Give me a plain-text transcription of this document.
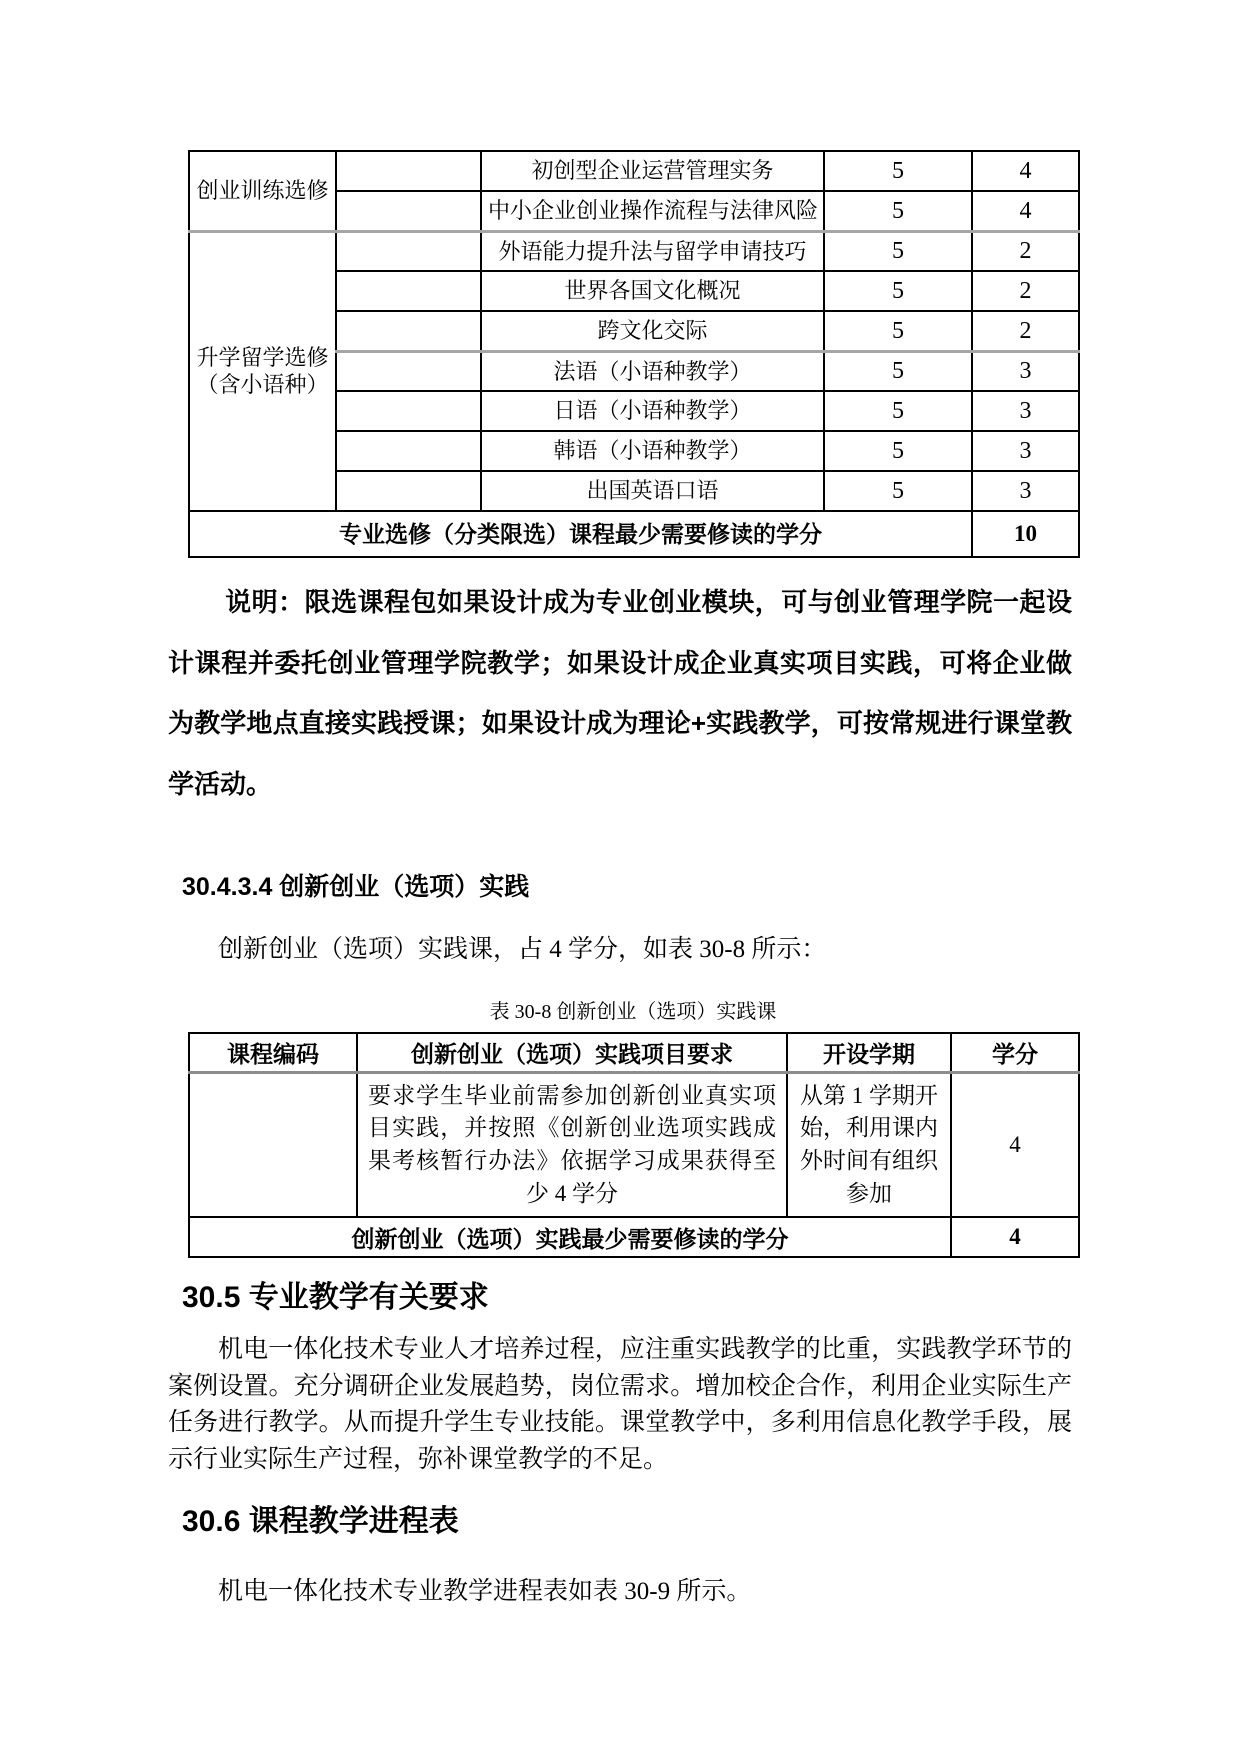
创业训练选修		初创型企业运营管理实务	5	4
		中小企业创业操作流程与法律风险	5	4

升学留学选修
（含小语种）		外语能力提升法与留学申请技巧	5	2
		世界各国文化概况	5	2
		跨文化交际	5	2
		法语（小语种教学）	5	3
		日语（小语种教学）	5	3
		韩语（小语种教学）	5	3
		出国英语口语	5	3
专业选修（分类限选）课程最少需要修读的学分				10

说明：限选课程包如果设计成为专业创业模块，可与创业管理学院一起设计课程并委托创业管理学院教学；如果设计成企业真实项目实践，可将企业做为教学地点直接实践授课；如果设计成为理论+实践教学，可按常规进行课堂教学活动。

30.4.3.4 创新创业（选项）实践

创新创业（选项）实践课，占 4 学分，如表 30-8 所示：

表 30-8 创新创业（选项）实践课
课程编码	创新创业（选项）实践项目要求	开设学期	学分
	要求学生毕业前需参加创新创业真实项目实践，并按照《创新创业选项实践成果考核暂行办法》依据学习成果获得至少 4 学分	从第 1 学期开始，利用课内外时间有组织参加	4
创新创业（选项）实践最少需要修读的学分			4
30.5 专业教学有关要求

机电一体化技术专业人才培养过程，应注重实践教学的比重，实践教学环节的案例设置。充分调研企业发展趋势，岗位需求。增加校企合作，利用企业实际生产任务进行教学。从而提升学生专业技能。课堂教学中，多利用信息化教学手段，展示行业实际生产过程，弥补课堂教学的不足。

30.6 课程教学进程表

机电一体化技术专业教学进程表如表 30-9 所示。
